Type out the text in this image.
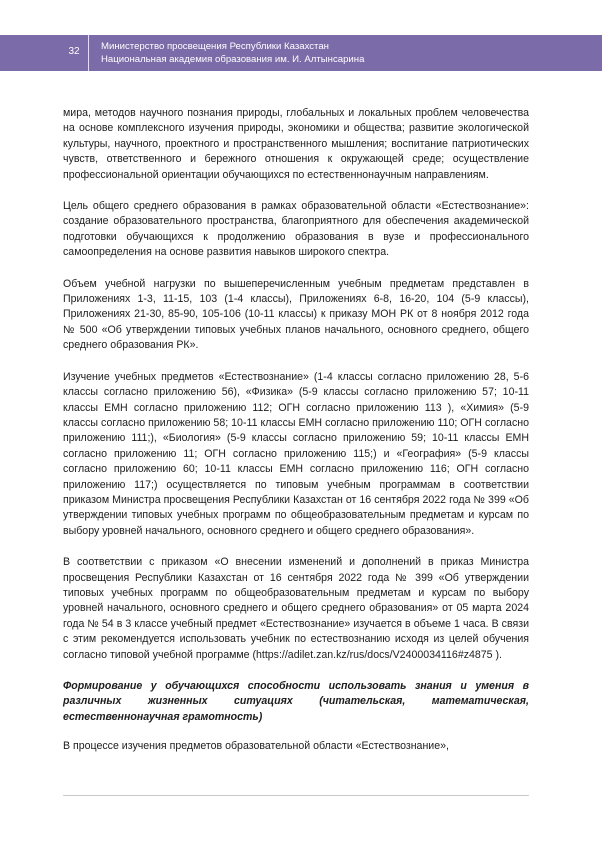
32	Министерство просвещения Республики Казахстан
Национальная академия образования им. И. Алтынсарина

мира, методов научного познания природы, глобальных и локальных проблем человечества на основе комплексного изучения природы, экономики и общества; развитие экологической культуры, научного, проектного и пространственного мышления; воспитание патриотических чувств, ответственного и бережного отношения к окружающей среде; осуществление профессиональной ориентации обучающихся по естественнонаучным направлениям.

Цель общего среднего образования в рамках образовательной области «Естествознание»: создание образовательного пространства, благоприятного для обеспечения академической подготовки обучающихся к продолжению образования в вузе и профессионального самоопределения на основе развития навыков широкого спектра.

Объем учебной нагрузки по вышеперечисленным учебным предметам представлен в Приложениях 1-3, 11-15, 103 (1-4 классы), Приложениях 6-8, 16-20, 104 (5-9 классы), Приложениях 21-30, 85-90, 105-106 (10-11 классы) к приказу МОН РК от 8 ноября 2012 года № 500 «Об утверждении типовых учебных планов начального, основного среднего, общего среднего образования РК».

Изучение учебных предметов «Естествознание» (1-4 классы согласно приложению 28, 5-6 классы согласно приложению 56), «Физика» (5-9 классы согласно приложению 57; 10-11 классы ЕМН согласно приложению 112; ОГН согласно приложению 113 ), «Химия» (5-9 классы согласно приложению 58; 10-11 классы ЕМН согласно приложению 110; ОГН согласно приложению 111;), «Биология» (5-9 классы согласно приложению 59; 10-11 классы ЕМН согласно приложению 11; ОГН согласно приложению 115;) и «География» (5-9 классы согласно приложению 60; 10-11 классы ЕМН согласно приложению 116; ОГН согласно приложению 117;) осуществляется по типовым учебным программам в соответствии приказом Министра просвещения Республики Казахстан от 16 сентября 2022 года № 399 «Об утверждении типовых учебных программ по общеобразовательным предметам и курсам по выбору уровней начального, основного среднего и общего среднего образования».

В соответствии с приказом «О внесении изменений и дополнений в приказ Министра просвещения Республики Казахстан от 16 сентября 2022 года № 399 «Об утверждении типовых учебных программ по общеобразовательным предметам и курсам по выбору уровней начального, основного среднего и общего среднего образования» от 05 марта 2024 года № 54 в 3 классе учебный предмет «Естествознание» изучается в объеме 1 часа. В связи с этим рекомендуется использовать учебник по естествознанию исходя из целей обучения согласно типовой учебной программе (https://adilet.zan.kz/rus/docs/V2400034116#z4875 ).

Формирование у обучающихся способности использовать знания и умения в различных жизненных ситуациях (читательская, математическая, естественнонаучная грамотность)

В процессе изучения предметов образовательной области «Естествознание»,
